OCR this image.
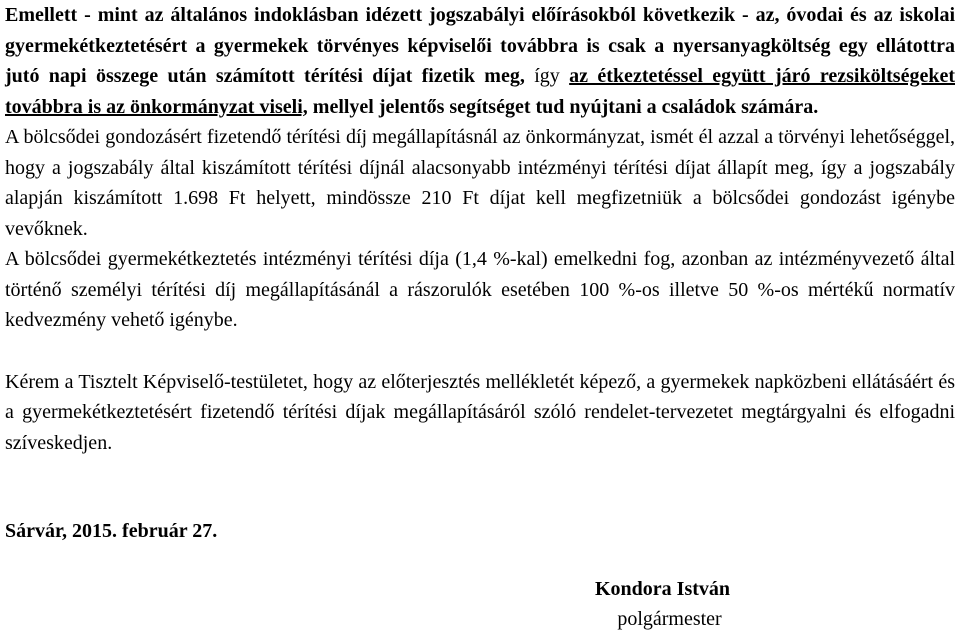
Emellett - mint az általános indoklásban idézett jogszabályi előírásokból következik - az, óvodai és az iskolai gyermekétkeztetésért a gyermekek törvényes képviselői továbbra is csak a nyersanyagköltség egy ellátottra jutó napi összege után számított térítési díjat fizetik meg, így az étkeztetéssel együtt járó rezsiköltségeket továbbra is az önkormányzat viseli, mellyel jelentős segítséget tud nyújtani a családok számára.

A bölcsődei gondozásért fizetendő térítési díj megállapításnál az önkormányzat, ismét él azzal a törvényi lehetőséggel, hogy a jogszabály által kiszámított térítési díjnál alacsonyabb intézményi térítési díjat állapít meg, így a jogszabály alapján kiszámított 1.698 Ft helyett, mindössze 210 Ft díjat kell megfizetniük a bölcsődei gondozást igénybe vevőknek.

A bölcsődei gyermekétkeztetés intézményi térítési díja (1,4 %-kal) emelkedni fog, azonban az intézményvezető által történő személyi térítési díj megállapításánál a rászorulók esetében 100 %-os illetve 50 %-os mértékű normatív kedvezmény vehető igénybe.

Kérem a Tisztelt Képviselő-testületet, hogy az előterjesztés mellékletét képező, a gyermekek napközbeni ellátásáért és a gyermekétkeztetésért fizetendő térítési díjak megállapításáról szóló rendelet-tervezetet megtárgyalni és elfogadni szíveskedjen.

Sárvár, 2015. február 27.

Kondora István
polgármester
